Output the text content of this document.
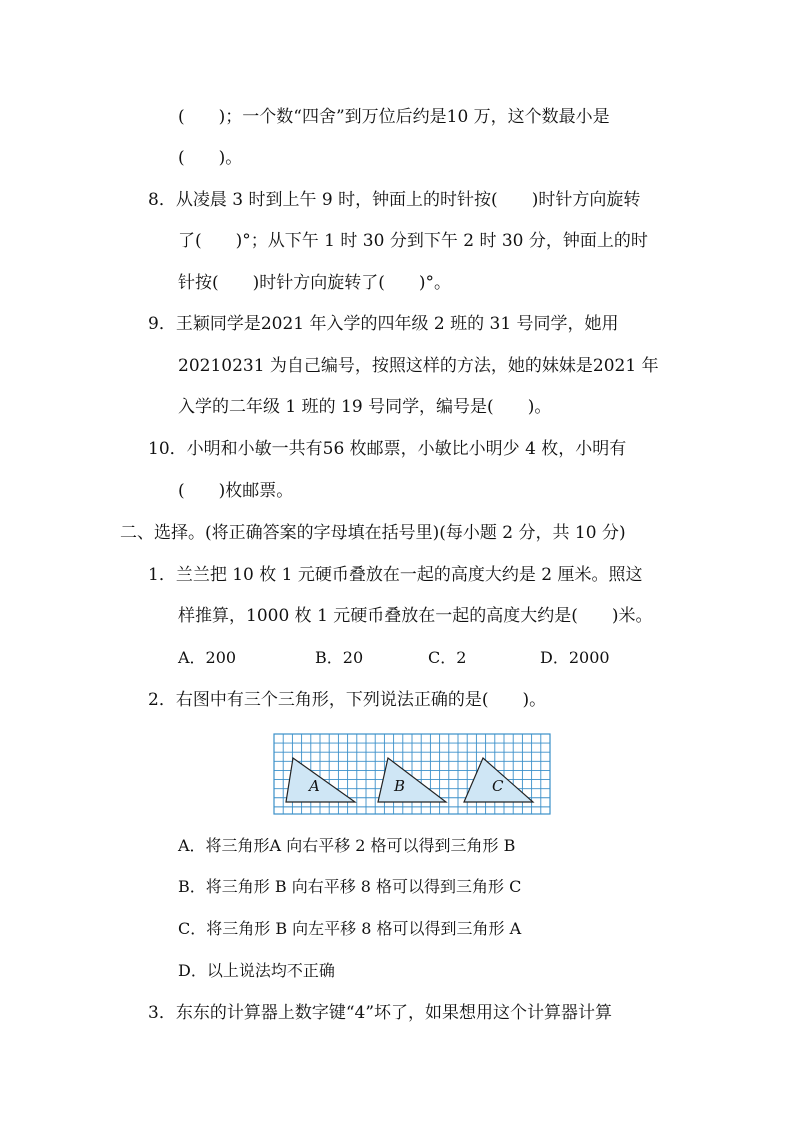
(　　)；一个数“四舍”到万位后约是10 万，这个数最小是
(　　)。
8．从凌晨 3 时到上午 9 时，钟面上的时针按(　　)时针方向旋转
了(　　)°；从下午 1 时 30 分到下午 2 时 30 分，钟面上的时
针按(　　)时针方向旋转了(　　)°。
9．王颖同学是2021 年入学的四年级 2 班的 31 号同学，她用
20210231 为自己编号，按照这样的方法，她的妹妹是2021 年
入学的二年级 1 班的 19 号同学，编号是(　　)。
10．小明和小敏一共有56 枚邮票，小敏比小明少 4 枚，小明有
(　　)枚邮票。
二、选择。(将正确答案的字母填在括号里)(每小题 2 分，共 10 分)
1．兰兰把 10 枚 1 元硬币叠放在一起的高度大约是 2 厘米。照这
样推算，1000 枚 1 元硬币叠放在一起的高度大约是(　　)米。
A．200	B．20	C．2	D．2000
2．右图中有三个三角形，下列说法正确的是(　　)。
A	B	C
A．将三角形A 向右平移 2 格可以得到三角形 B
B．将三角形 B 向右平移 8 格可以得到三角形 C
C．将三角形 B 向左平移 8 格可以得到三角形 A
D．以上说法均不正确
3．东东的计算器上数字键“4”坏了，如果想用这个计算器计算
